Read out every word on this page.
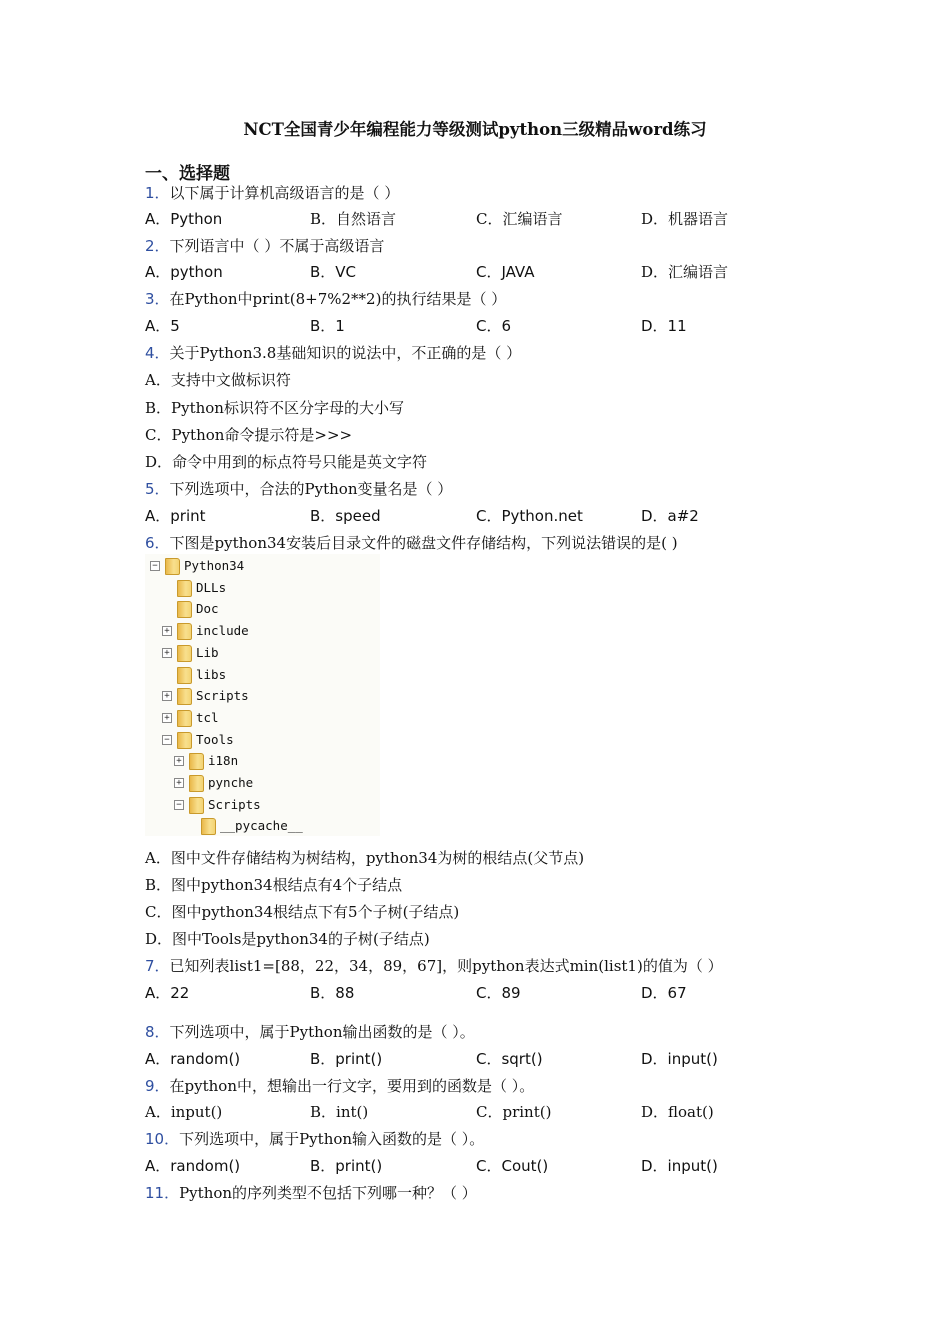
NCT全国青少年编程能力等级测试python三级精品word练习
一、选择题
1．以下属于计算机高级语言的是（ ）
A．Python	B．自然语言	C．汇编语言	D．机器语言
2．下列语言中（ ）不属于高级语言
A．python	B．VC	C．JAVA	D．汇编语言
3．在Python中print(8+7%2**2)的执行结果是（ ）
A．5	B．1	C．6	D．11
4．关于Python3.8基础知识的说法中，不正确的是（ ）
A．支持中文做标识符
B．Python标识符不区分字母的大小写
C．Python命令提示符是>>>
D．命令中用到的标点符号只能是英文字符
5．下列选项中，合法的Python变量名是（ ）
A．print	B．speed	C．Python.net	D．a#2
6．下图是python34安装后目录文件的磁盘文件存储结构，下列说法错误的是( )
− Python34
DLLs
Doc
+ include
+ Lib
libs
+ Scripts
+ tcl
− Tools
+ i18n
+ pynche
− Scripts
__pycache__
A．图中文件存储结构为树结构，python34为树的根结点(父节点)
B．图中python34根结点有4个子结点
C．图中python34根结点下有5个子树(子结点)
D．图中Tools是python34的子树(子结点)
7．已知列表list1=[88，22，34，89，67]，则python表达式min(list1)的值为（ ）
A．22	B．88	C．89	D．67
8．下列选项中，属于Python输出函数的是（ ）。
A．random()	B．print()	C．sqrt()	D．input()
9．在python中，想输出一行文字，要用到的函数是（ ）。
A．input()	B．int()	C．print()	D．float()
10．下列选项中，属于Python输入函数的是（ ）。
A．random()	B．print()	C．Cout()	D．input()
11．Python的序列类型不包括下列哪一种？（ ）
